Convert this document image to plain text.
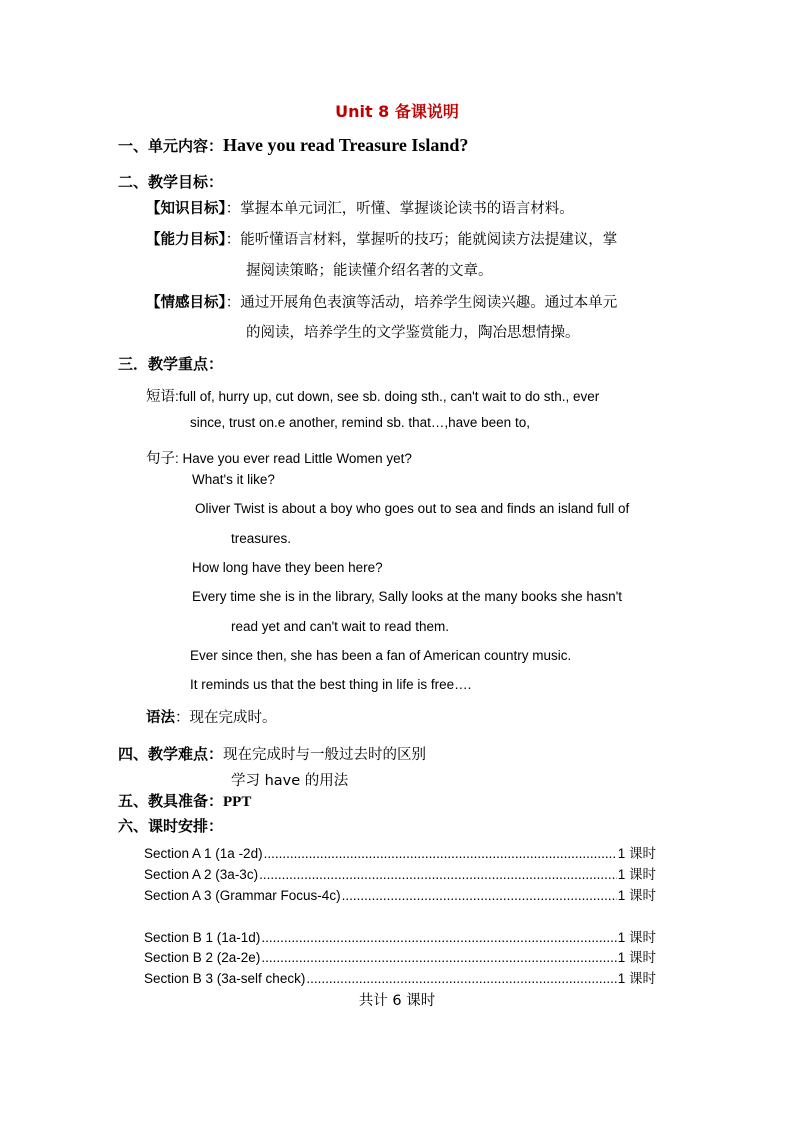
Unit 8 备课说明
一、单元内容：Have you read Treasure Island?
二、教学目标：
【知识目标】：掌握本单元词汇，听懂、掌握谈论读书的语言材料。
【能力目标】：能听懂语言材料，掌握听的技巧；能就阅读方法提建议，掌
握阅读策略；能读懂介绍名著的文章。
【情感目标】：通过开展角色表演等活动，培养学生阅读兴趣。通过本单元
的阅读，培养学生的文学鉴赏能力，陶冶思想情操。
三．教学重点：
短语:full of, hurry up, cut down, see sb. doing sth., can't wait to do sth., ever
since, trust on.e another, remind sb. that…,have been to,
句子: Have you ever read Little Women yet?
What's it like?
Oliver Twist is about a boy who goes out to sea and finds an island full of
treasures.
How long have they been here?
Every time she is in the library, Sally looks at the many books she hasn't
read yet and can't wait to read them.
Ever since then, she has been a fan of American country music.
It reminds us that the best thing in life is free….
语法：现在完成时。
四、教学难点：现在完成时与一般过去时的区别
学习 have 的用法
五、教具准备：PPT
六、课时安排：
Section A 1 (1a -2d) .....	1 课时
Section A 2 (3a-3c) .....	1 课时
Section A 3 (Grammar Focus-4c) .....	1 课时
Section B 1 (1a-1d) .....	1 课时
Section B 2 (2a-2e) .....	1 课时
Section B 3 (3a-self check) .....	1 课时
共计 6 课时
